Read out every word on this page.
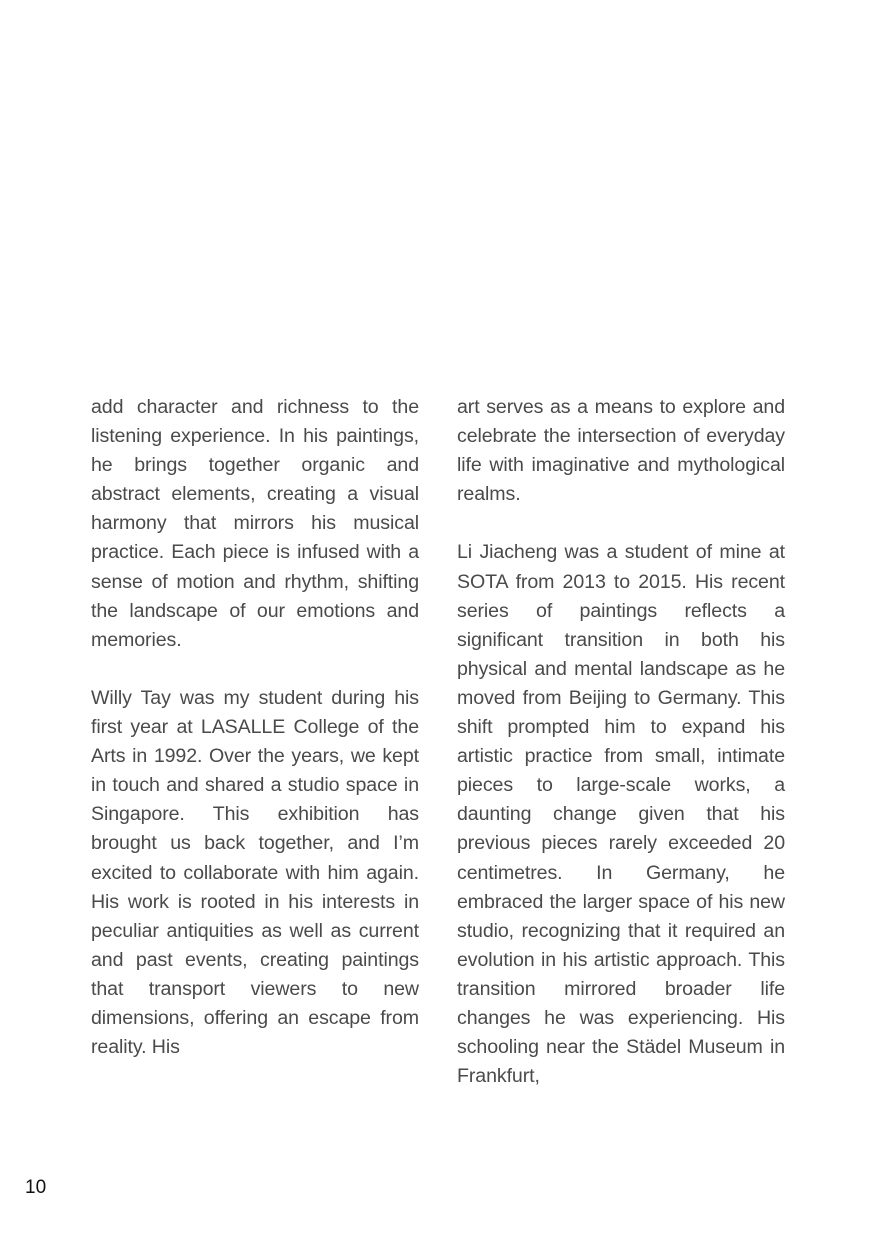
add character and richness to the listening experience. In his paintings, he brings together organic and abstract elements, creating a visual harmony that mirrors his musical practice. Each piece is infused with a sense of motion and rhythm, shifting the landscape of our emotions and memories.

Willy Tay was my student during his first year at LASALLE College of the Arts in 1992. Over the years, we kept in touch and shared a studio space in Singapore. This exhibition has brought us back together, and I’m excited to collaborate with him again. His work is rooted in his interests in peculiar antiquities as well as current and past events, creating paintings that transport viewers to new dimensions, offering an escape from reality. His

art serves as a means to explore and celebrate the intersection of everyday life with imaginative and mythological realms.

Li Jiacheng was a student of mine at SOTA from 2013 to 2015. His recent series of paintings reflects a significant transition in both his physical and mental landscape as he moved from Beijing to Germany. This shift prompted him to expand his artistic practice from small, intimate pieces to large-scale works, a daunting change given that his previous pieces rarely exceeded 20 centimetres. In Germany, he embraced the larger space of his new studio, recognizing that it required an evolution in his artistic approach. This transition mirrored broader life changes he was experiencing. His schooling near the Städel Museum in Frankfurt,

10
